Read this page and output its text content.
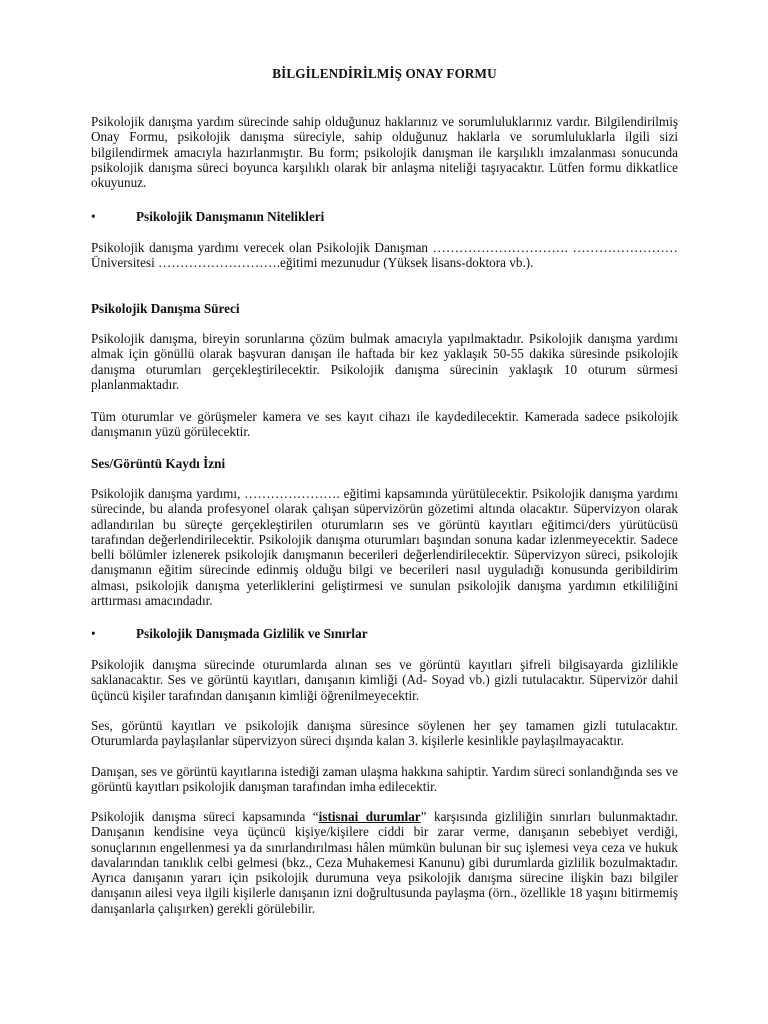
BİLGİLENDİRİLMİŞ ONAY FORMU

Psikolojik danışma yardım sürecinde sahip olduğunuz haklarınız ve sorumluluklarınız vardır. Bilgilendirilmiş Onay Formu, psikolojik danışma süreciyle, sahip olduğunuz haklarla ve sorumluluklarla ilgili sizi bilgilendirmek amacıyla hazırlanmıştır. Bu form; psikolojik danışman ile karşılıklı imzalanması sonucunda psikolojik danışma süreci boyunca karşılıklı olarak bir anlaşma niteliği taşıyacaktır. Lütfen formu dikkatlice okuyunuz.

•	Psikolojik Danışmanın Nitelikleri

Psikolojik danışma yardımı verecek olan Psikolojik Danışman …………………………. ……………………Üniversitesi ……………………….eğitimi mezunudur (Yüksek lisans-doktora vb.).

Psikolojik Danışma Süreci

Psikolojik danışma, bireyin sorunlarına çözüm bulmak amacıyla yapılmaktadır. Psikolojik danışma yardımı almak için gönüllü olarak başvuran danışan ile haftada bir kez yaklaşık 50-55 dakika süresinde psikolojik danışma oturumları gerçekleştirilecektir. Psikolojik danışma sürecinin yaklaşık 10 oturum sürmesi planlanmaktadır.

Tüm oturumlar ve görüşmeler kamera ve ses kayıt cihazı ile kaydedilecektir. Kamerada sadece psikolojik danışmanın yüzü görülecektir.

Ses/Görüntü Kaydı İzni

Psikolojik danışma yardımı, …………………. eğitimi kapsamında yürütülecektir. Psikolojik danışma yardımı sürecinde, bu alanda profesyonel olarak çalışan süpervizörün gözetimi altında olacaktır. Süpervizyon olarak adlandırılan bu süreçte gerçekleştirilen oturumların ses ve görüntü kayıtları eğitimci/ders yürütücüsü tarafından değerlendirilecektir. Psikolojik danışma oturumları başından sonuna kadar izlenmeyecektir. Sadece belli bölümler izlenerek psikolojik danışmanın becerileri değerlendirilecektir. Süpervizyon süreci, psikolojik danışmanın eğitim sürecinde edinmiş olduğu bilgi ve becerileri nasıl uyguladığı konusunda geribildirim alması, psikolojik danışma yeterliklerini geliştirmesi ve sunulan psikolojik danışma yardımın etkililiğini arttırması amacındadır.

•	Psikolojik Danışmada Gizlilik ve Sınırlar

Psikolojik danışma sürecinde oturumlarda alınan ses ve görüntü kayıtları şifreli bilgisayarda gizlilikle saklanacaktır. Ses ve görüntü kayıtları, danışanın kimliği (Ad- Soyad vb.) gizli tutulacaktır. Süpervizör dahil üçüncü kişiler tarafından danışanın kimliği öğrenilmeyecektir.

Ses, görüntü kayıtları ve psikolojik danışma süresince söylenen her şey tamamen gizli tutulacaktır. Oturumlarda paylaşılanlar süpervizyon süreci dışında kalan 3. kişilerle kesinlikle paylaşılmayacaktır.

Danışan, ses ve görüntü kayıtlarına istediği zaman ulaşma hakkına sahiptir. Yardım süreci sonlandığında ses ve görüntü kayıtları psikolojik danışman tarafından imha edilecektir.

Psikolojik danışma süreci kapsamında “istisnai durumlar” karşısında gizliliğin sınırları bulunmaktadır. Danışanın kendisine veya üçüncü kişiye/kişilere ciddi bir zarar verme, danışanın sebebiyet verdiği, sonuçlarının engellenmesi ya da sınırlandırılması hâlen mümkün bulunan bir suç işlemesi veya ceza ve hukuk davalarından tanıklık celbi gelmesi (bkz., Ceza Muhakemesi Kanunu) gibi durumlarda gizlilik bozulmaktadır. Ayrıca danışanın yararı için psikolojik durumuna veya psikolojik danışma sürecine ilişkin bazı bilgiler danışanın ailesi veya ilgili kişilerle danışanın izni doğrultusunda paylaşma (örn., özellikle 18 yaşını bitirmemiş danışanlarla çalışırken) gerekli görülebilir.
